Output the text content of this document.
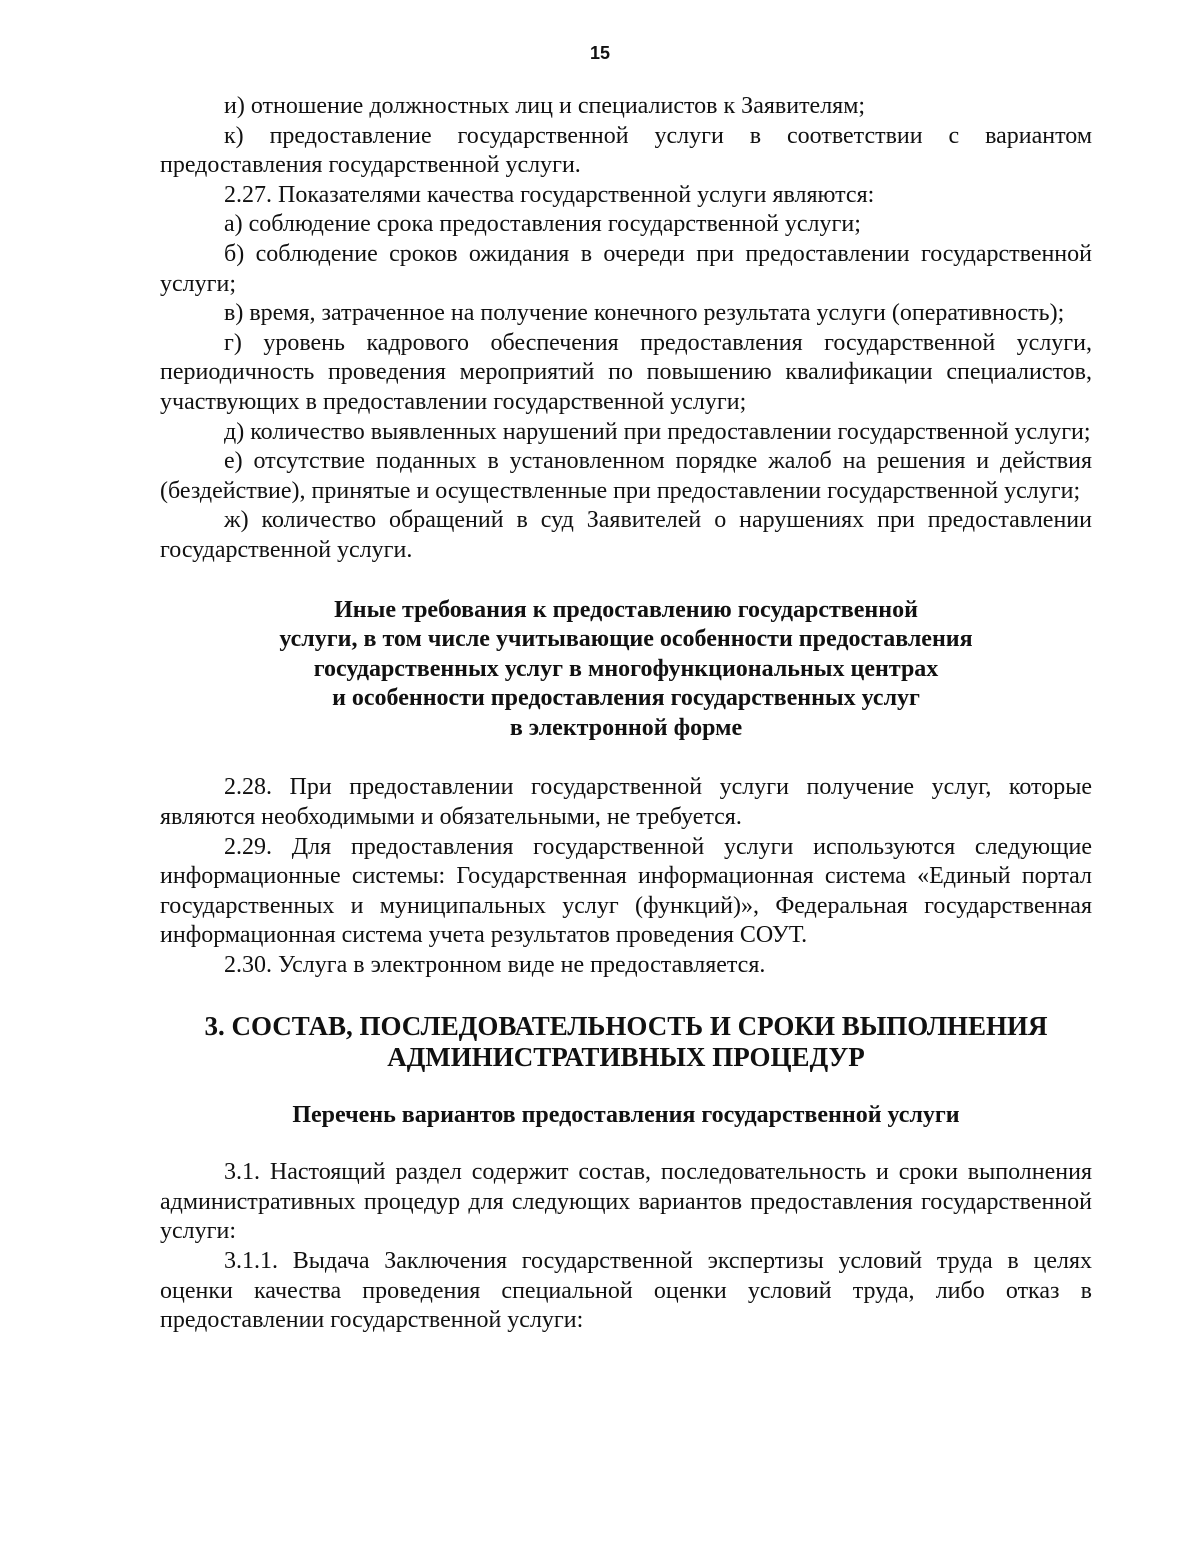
15

и) отношение должностных лиц и специалистов к Заявителям;

к) предоставление государственной услуги в соответствии с вариантом предоставления государственной услуги.

2.27. Показателями качества государственной услуги являются:

а) соблюдение срока предоставления государственной услуги;

б) соблюдение сроков ожидания в очереди при предоставлении государственной услуги;

в) время, затраченное на получение конечного результата услуги (оперативность);

г) уровень кадрового обеспечения предоставления государственной услуги, периодичность проведения мероприятий по повышению квалификации специалистов, участвующих в предоставлении государственной услуги;

д) количество выявленных нарушений при предоставлении государственной услуги;

е) отсутствие поданных в установленном порядке жалоб на решения и действия (бездействие), принятые и осуществленные при предоставлении государственной услуги;

ж) количество обращений в суд Заявителей о нарушениях при предоставлении государственной услуги.

Иные требования к предоставлению государственной
услуги, в том числе учитывающие особенности предоставления
государственных услуг в многофункциональных центрах
и особенности предоставления государственных услуг
в электронной форме

2.28. При предоставлении государственной услуги получение услуг, которые являются необходимыми и обязательными, не требуется.

2.29. Для предоставления государственной услуги используются следующие информационные системы: Государственная информационная система «Единый портал государственных и муниципальных услуг (функций)», Федеральная государственная информационная система учета результатов проведения СОУТ.

2.30. Услуга в электронном виде не предоставляется.

3. СОСТАВ, ПОСЛЕДОВАТЕЛЬНОСТЬ И СРОКИ ВЫПОЛНЕНИЯ
АДМИНИСТРАТИВНЫХ ПРОЦЕДУР
Перечень вариантов предоставления государственной услуги

3.1. Настоящий раздел содержит состав, последовательность и сроки выполнения административных процедур для следующих вариантов предоставления государственной услуги:

3.1.1. Выдача Заключения государственной экспертизы условий труда в целях оценки качества проведения специальной оценки условий труда, либо отказ в предоставлении государственной услуги:
